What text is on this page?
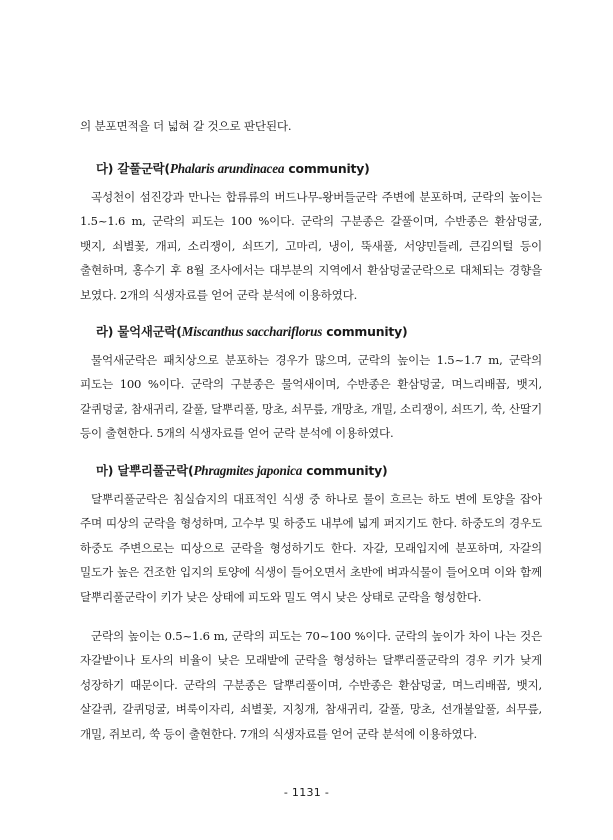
의 분포면적을 더 넓혀 갈 것으로 판단된다.

다) 갈풀군락(Phalaris arundinacea community)

곡성천이 섬진강과 만나는 합류류의 버드나무-왕버들군락 주변에 분포하며, 군락의 높이는 1.5~1.6 m, 군락의 피도는 100 %이다. 군락의 구분종은 갈풀이며, 수반종은 환삼덩굴, 뱃지, 쇠별꽃, 개피, 소리쟁이, 쇠뜨기, 고마리, 냉이, 뚝새풀, 서양민들레, 큰김의털 등이 출현하며, 홍수기 후 8월 조사에서는 대부분의 지역에서 환삼덩굴군락으로 대체되는 경향을 보였다. 2개의 식생자료를 얻어 군락 분석에 이용하였다.

라) 물억새군락(Miscanthus sacchariflorus community)

물억새군락은 패치상으로 분포하는 경우가 많으며, 군락의 높이는 1.5~1.7 m, 군락의 피도는 100 %이다. 군락의 구분종은 물억새이며, 수반종은 환삼덩굴, 며느리배꼽, 뱃지, 갈퀴덩굴, 참새귀리, 갈풀, 달뿌리풀, 망초, 쇠무릎, 개망초, 개밀, 소리쟁이, 쇠뜨기, 쑥, 산딸기 등이 출현한다. 5개의 식생자료를 얻어 군락 분석에 이용하였다.

마) 달뿌리풀군락(Phragmites japonica community)

달뿌리풀군락은 침실습지의 대표적인 식생 중 하나로 물이 흐르는 하도 변에 토양을 잡아 주며 띠상의 군락을 형성하며, 고수부 및 하중도 내부에 넓게 퍼지기도 한다. 하중도의 경우도 하중도 주변으로는 띠상으로 군락을 형성하기도 한다. 자갈, 모래입지에 분포하며, 자갈의 밀도가 높은 건조한 입지의 토양에 식생이 들어오면서 초반에 벼과식물이 들어오며 이와 함께 달뿌리풀군락이 키가 낮은 상태에 피도와 밀도 역시 낮은 상태로 군락을 형성한다.

군락의 높이는 0.5~1.6 m, 군락의 피도는 70~100 %이다. 군락의 높이가 차이 나는 것은 자갈밭이나 토사의 비율이 낮은 모래밭에 군락을 형성하는 달뿌리풀군락의 경우 키가 낮게 성장하기 때문이다. 군락의 구분종은 달뿌리풀이며, 수반종은 환삼덩굴, 며느리배꼽, 뱃지, 살갈퀴, 갈퀴덩굴, 벼룩이자리, 쇠별꽃, 지칭개, 참새귀리, 갈풀, 망초, 선개불알풀, 쇠무릎, 개밀, 쥐보리, 쑥 등이 출현한다. 7개의 식생자료를 얻어 군락 분석에 이용하였다.

- 1131 -
